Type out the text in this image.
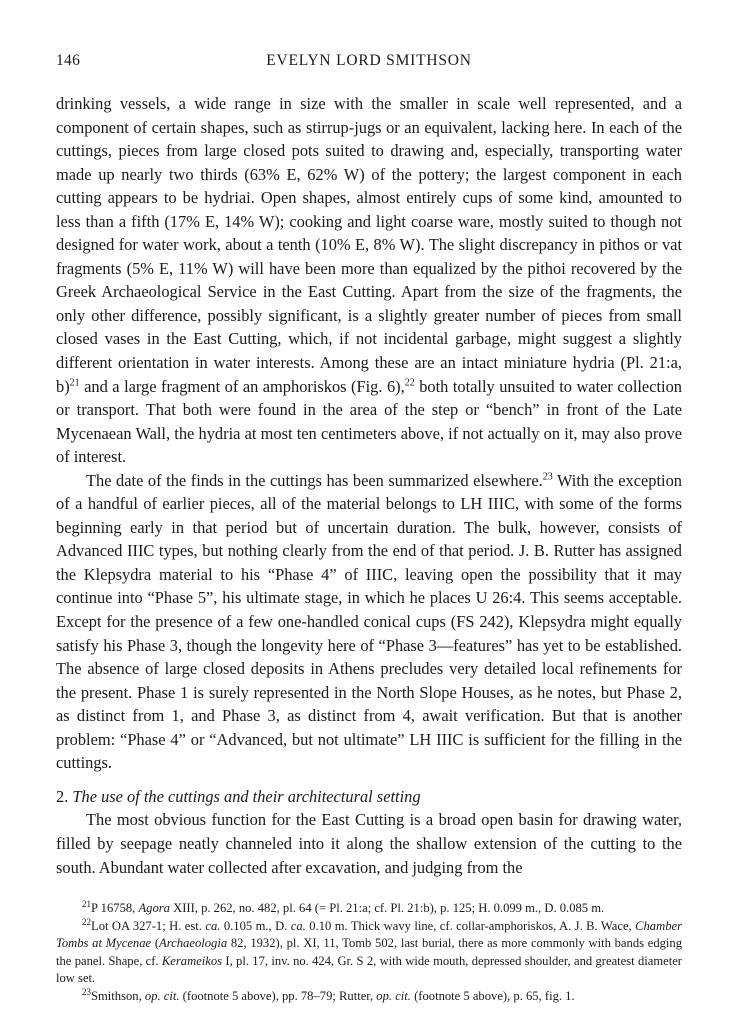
146	EVELYN LORD SMITHSON

drinking vessels, a wide range in size with the smaller in scale well represented, and a component of certain shapes, such as stirrup-jugs or an equivalent, lacking here. In each of the cuttings, pieces from large closed pots suited to drawing and, especially, transporting water made up nearly two thirds (63% E, 62% W) of the pottery; the largest component in each cutting appears to be hydriai. Open shapes, almost entirely cups of some kind, amounted to less than a fifth (17% E, 14% W); cooking and light coarse ware, mostly suited to though not designed for water work, about a tenth (10% E, 8% W). The slight discrepancy in pithos or vat fragments (5% E, 11% W) will have been more than equalized by the pithoi recovered by the Greek Archaeological Service in the East Cutting. Apart from the size of the fragments, the only other difference, possibly significant, is a slightly greater number of pieces from small closed vases in the East Cutting, which, if not incidental garbage, might suggest a slightly different orientation in water interests. Among these are an intact miniature hydria (Pl. 21:a, b)$^{21}$ and a large fragment of an amphoriskos (Fig. 6),$^{22}$ both totally unsuited to water collection or transport. That both were found in the area of the step or “bench” in front of the Late Mycenaean Wall, the hydria at most ten centimeters above, if not actually on it, may also prove of interest.

The date of the finds in the cuttings has been summarized elsewhere.$^{23}$ With the exception of a handful of earlier pieces, all of the material belongs to LH IIIC, with some of the forms beginning early in that period but of uncertain duration. The bulk, however, consists of Advanced IIIC types, but nothing clearly from the end of that period. J. B. Rutter has assigned the Klepsydra material to his “Phase 4” of IIIC, leaving open the possibility that it may continue into “Phase 5”, his ultimate stage, in which he places U 26:4. This seems acceptable. Except for the presence of a few one-handled conical cups (FS 242), Klepsydra might equally satisfy his Phase 3, though the longevity here of “Phase 3—features” has yet to be established. The absence of large closed deposits in Athens precludes very detailed local refinements for the present. Phase 1 is surely represented in the North Slope Houses, as he notes, but Phase 2, as distinct from 1, and Phase 3, as distinct from 4, await verification. But that is another problem: “Phase 4” or “Advanced, but not ultimate” LH IIIC is sufficient for the filling in the cuttings.

2. The use of the cuttings and their architectural setting

The most obvious function for the East Cutting is a broad open basin for drawing water, filled by seepage neatly channeled into it along the shallow extension of the cutting to the south. Abundant water collected after excavation, and judging from the

$^{21}$P 16758, Agora XIII, p. 262, no. 482, pl. 64 (= Pl. 21:a; cf. Pl. 21:b), p. 125; H. 0.099 m., D. 0.085 m.

$^{22}$Lot OA 327-1; H. est. ca. 0.105 m., D. ca. 0.10 m. Thick wavy line, cf. collar-amphoriskos, A. J. B. Wace, Chamber Tombs at Mycenae (Archaeologia 82, 1932), pl. XI, 11, Tomb 502, last burial, there as more commonly with bands edging the panel. Shape, cf. Kerameikos I, pl. 17, inv. no. 424, Gr. S 2, with wide mouth, depressed shoulder, and greatest diameter low set.

$^{23}$Smithson, op. cit. (footnote 5 above), pp. 78–79; Rutter, op. cit. (footnote 5 above), p. 65, fig. 1.
